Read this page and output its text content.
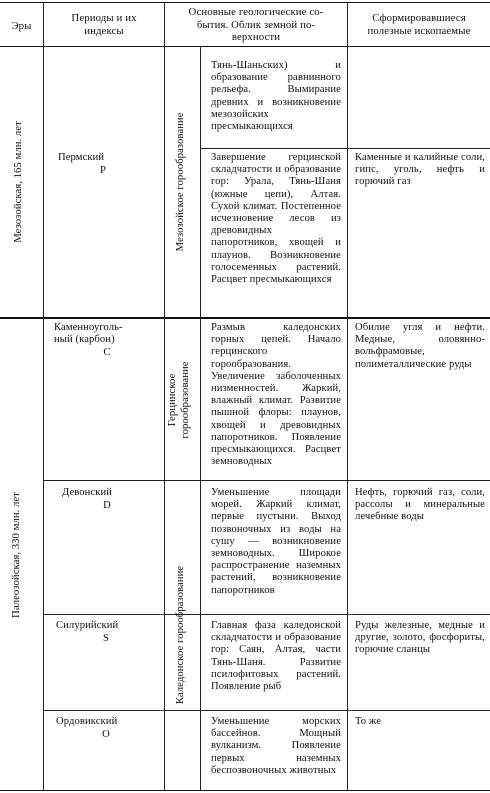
Эры
Периоды и их
индексы
Основные геологические со-
бытия. Облик земной по-
верхности
Сформировавшиеся
полезные ископаемые
Мезозойская, 165 млн. лет
Палеозойская, 330 млн. лет
Мезозойское горообразование
Герцинское
горообразование
Каледонское горообразование
Тянь-Шаньских) и образование равнинного рельефа. Вымирание древних и возникновение мезозойских пресмыкающихся
Пермский
P
Завершение герцинской складчатости и образование гор: Урала, Тянь-Шаня (южные цепи), Алтая. Сухой климат. Постепенное исчезновение лесов из древовидных папоротников, хвощей и плаунов. Возникновение голосеменных растений. Расцвет пресмыкающихся
Каменные и калийные соли, гипс, уголь, нефть и горючий газ
Каменноуголь-
ный (карбон)
C
Размыв каледонских горных цепей. Начало герцинского горообразования. Увеличение заболоченных низменностей. Жаркий, влажный климат. Развитие пышной флоры: плаунов, хвощей и древовидных папоротников. Появление пресмыкающихся. Расцвет земноводных
Обилие угля и нефти. Медные, оловянно-вольфрамовые, полиметаллические руды
Девонский
D
Уменьшение площади морей. Жаркий климат, первые пустыни. Выход позвоночных из воды на сушу — возникновение земноводных. Широкое распространение наземных растений, возникновение папоротников
Нефть, горючий газ, соли, рассолы и минеральные лечебные воды
Силурийский
S
Главная фаза каледонской складчатости и образование гор: Саян, Алтая, части Тянь-Шаня. Развитие псилофитовых растений. Появление рыб
Руды железные, медные и другие, золото, фосфориты, горючие сланцы
Ордовикский
O
Уменьшение морских бассейнов. Мощный вулканизм. Появление первых наземных беспозвоночных животных
То же
